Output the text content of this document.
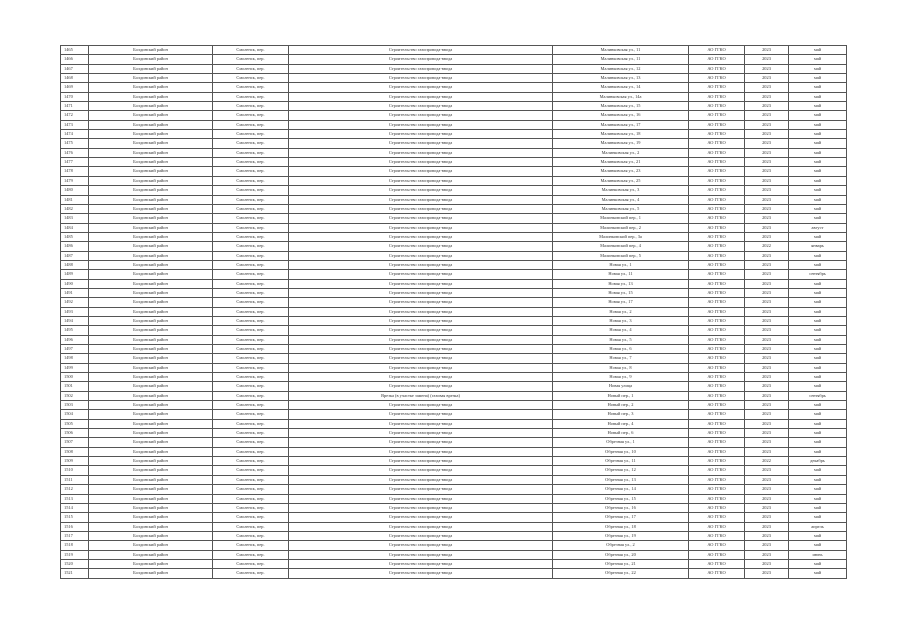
1465	Болдинский район	Смоленск, пер.	Строительство газопровода-ввода	Малинковская ул., 11	АО ГГКО	2023	май
1466	Болдинский район	Смоленск, пер.	Строительство газопровода-ввода	Малинковская ул., 11	АО ГГКО	2023	май
1467	Болдинский район	Смоленск, пер.	Строительство газопровода-ввода	Малинковская ул., 12	АО ГГКО	2023	май
1468	Болдинский район	Смоленск, пер.	Строительство газопровода-ввода	Малинковская ул., 13	АО ГГКО	2023	май
1469	Болдинский район	Смоленск, пер.	Строительство газопровода-ввода	Малинковская ул., 14	АО ГГКО	2023	май
1470	Болдинский район	Смоленск, пер.	Строительство газопровода-ввода	Малинковская ул., 14а	АО ГГКО	2023	май
1471	Болдинский район	Смоленск, пер.	Строительство газопровода-ввода	Малинковская ул., 15	АО ГГКО	2023	май
1472	Болдинский район	Смоленск, пер.	Строительство газопровода-ввода	Малинковская ул., 16	АО ГГКО	2023	май
1473	Болдинский район	Смоленск, пер.	Строительство газопровода-ввода	Малинковская ул., 17	АО ГГКО	2023	май
1474	Болдинский район	Смоленск, пер.	Строительство газопровода-ввода	Малинковская ул., 18	АО ГГКО	2023	май
1475	Болдинский район	Смоленск, пер.	Строительство газопровода-ввода	Малинковская ул., 19	АО ГГКО	2023	май
1476	Болдинский район	Смоленск, пер.	Строительство газопровода-ввода	Малинковская ул., 2	АО ГГКО	2023	май
1477	Болдинский район	Смоленск, пер.	Строительство газопровода-ввода	Малинковская ул., 21	АО ГГКО	2023	май
1478	Болдинский район	Смоленск, пер.	Строительство газопровода-ввода	Малинковская ул., 23	АО ГГКО	2023	май
1479	Болдинский район	Смоленск, пер.	Строительство газопровода-ввода	Малинковская ул., 25	АО ГГКО	2023	май
1480	Болдинский район	Смоленск, пер.	Строительство газопровода-ввода	Малинковская ул., 3	АО ГГКО	2023	май
1481	Болдинский район	Смоленск, пер.	Строительство газопровода-ввода	Малинковская ул., 4	АО ГГКО	2023	май
1482	Болдинский район	Смоленск, пер.	Строительство газопровода-ввода	Малинковская ул., 5	АО ГГКО	2023	май
1483	Болдинский район	Смоленск, пер.	Строительство газопровода-ввода	Малинковский пер., 1	АО ГГКО	2023	май
1484	Болдинский район	Смоленск, пер.	Строительство газопровода-ввода	Малинковский пер., 2	АО ГГКО	2023	август
1485	Болдинский район	Смоленск, пер.	Строительство газопровода-ввода	Малинковский пер., 3а	АО ГГКО	2023	май
1486	Болдинский район	Смоленск, пер.	Строительство газопровода-ввода	Малинковский пер., 4	АО ГГКО	2022	январь
1487	Болдинский район	Смоленск, пер.	Строительство газопровода-ввода	Малинковский пер., 5	АО ГГКО	2023	май
1488	Болдинский район	Смоленск, пер.	Строительство газопровода-ввода	Новая ул., 1	АО ГГКО	2023	май
1489	Болдинский район	Смоленск, пер.	Строительство газопровода-ввода	Новая ул., 11	АО ГГКО	2023	сентябрь
1490	Болдинский район	Смоленск, пер.	Строительство газопровода-ввода	Новая ул., 13	АО ГГКО	2023	май
1491	Болдинский район	Смоленск, пер.	Строительство газопровода-ввода	Новая ул., 15	АО ГГКО	2023	май
1492	Болдинский район	Смоленск, пер.	Строительство газопровода-ввода	Новая ул., 17	АО ГГКО	2023	май
1493	Болдинский район	Смоленск, пер.	Строительство газопровода-ввода	Новая ул., 2	АО ГГКО	2023	май
1494	Болдинский район	Смоленск, пер.	Строительство газопровода-ввода	Новая ул., 3	АО ГГКО	2023	май
1495	Болдинский район	Смоленск, пер.	Строительство газопровода-ввода	Новая ул., 4	АО ГГКО	2023	май
1496	Болдинский район	Смоленск, пер.	Строительство газопровода-ввода	Новая ул., 5	АО ГГКО	2023	май
1497	Болдинский район	Смоленск, пер.	Строительство газопровода-ввода	Новая ул., 6	АО ГГКО	2023	май
1498	Болдинский район	Смоленск, пер.	Строительство газопровода-ввода	Новая ул., 7	АО ГГКО	2023	май
1499	Болдинский район	Смоленск, пер.	Строительство газопровода-ввода	Новая ул., 8	АО ГГКО	2023	май
1500	Болдинский район	Смоленск, пер.	Строительство газопровода-ввода	Новая ул., 9	АО ГГКО	2023	май
1501	Болдинский район	Смоленск, пер.	Строительство газопровода-ввода	Новая улица	АО ГГКО	2023	май
1502	Болдинский район	Смоленск, пер.	Врезка (в участке замена) (газовая врезка)	Новый пер., 1	АО ГГКО	2023	сентябрь
1503	Болдинский район	Смоленск, пер.	Строительство газопровода-ввода	Новый пер., 2	АО ГГКО	2023	май
1504	Болдинский район	Смоленск, пер.	Строительство газопровода-ввода	Новый пер., 3	АО ГГКО	2023	май
1505	Болдинский район	Смоленск, пер.	Строительство газопровода-ввода	Новый пер., 4	АО ГГКО	2023	май
1506	Болдинский район	Смоленск, пер.	Строительство газопровода-ввода	Новый пер., 6	АО ГГКО	2023	май
1507	Болдинский район	Смоленск, пер.	Строительство газопровода-ввода	Обрезная ул., 1	АО ГГКО	2023	май
1508	Болдинский район	Смоленск, пер.	Строительство газопровода-ввода	Обрезная ул., 10	АО ГГКО	2023	май
1509	Болдинский район	Смоленск, пер.	Строительство газопровода-ввода	Обрезная ул., 11	АО ГГКО	2022	декабрь
1510	Болдинский район	Смоленск, пер.	Строительство газопровода-ввода	Обрезная ул., 12	АО ГГКО	2023	май
1511	Болдинский район	Смоленск, пер.	Строительство газопровода-ввода	Обрезная ул., 13	АО ГГКО	2023	май
1512	Болдинский район	Смоленск, пер.	Строительство газопровода-ввода	Обрезная ул., 14	АО ГГКО	2023	май
1513	Болдинский район	Смоленск, пер.	Строительство газопровода-ввода	Обрезная ул., 15	АО ГГКО	2023	май
1514	Болдинский район	Смоленск, пер.	Строительство газопровода-ввода	Обрезная ул., 16	АО ГГКО	2023	май
1515	Болдинский район	Смоленск, пер.	Строительство газопровода-ввода	Обрезная ул., 17	АО ГГКО	2023	май
1516	Болдинский район	Смоленск, пер.	Строительство газопровода-ввода	Обрезная ул., 18	АО ГГКО	2023	апрель
1517	Болдинский район	Смоленск, пер.	Строительство газопровода-ввода	Обрезная ул., 19	АО ГГКО	2023	май
1518	Болдинский район	Смоленск, пер.	Строительство газопровода-ввода	Обрезная ул., 2	АО ГГКО	2023	май
1519	Болдинский район	Смоленск, пер.	Строительство газопровода-ввода	Обрезная ул., 20	АО ГГКО	2023	июнь
1520	Болдинский район	Смоленск, пер.	Строительство газопровода-ввода	Обрезная ул., 21	АО ГГКО	2023	май
1521	Болдинский район	Смоленск, пер.	Строительство газопровода-ввода	Обрезная ул., 22	АО ГГКО	2023	май
